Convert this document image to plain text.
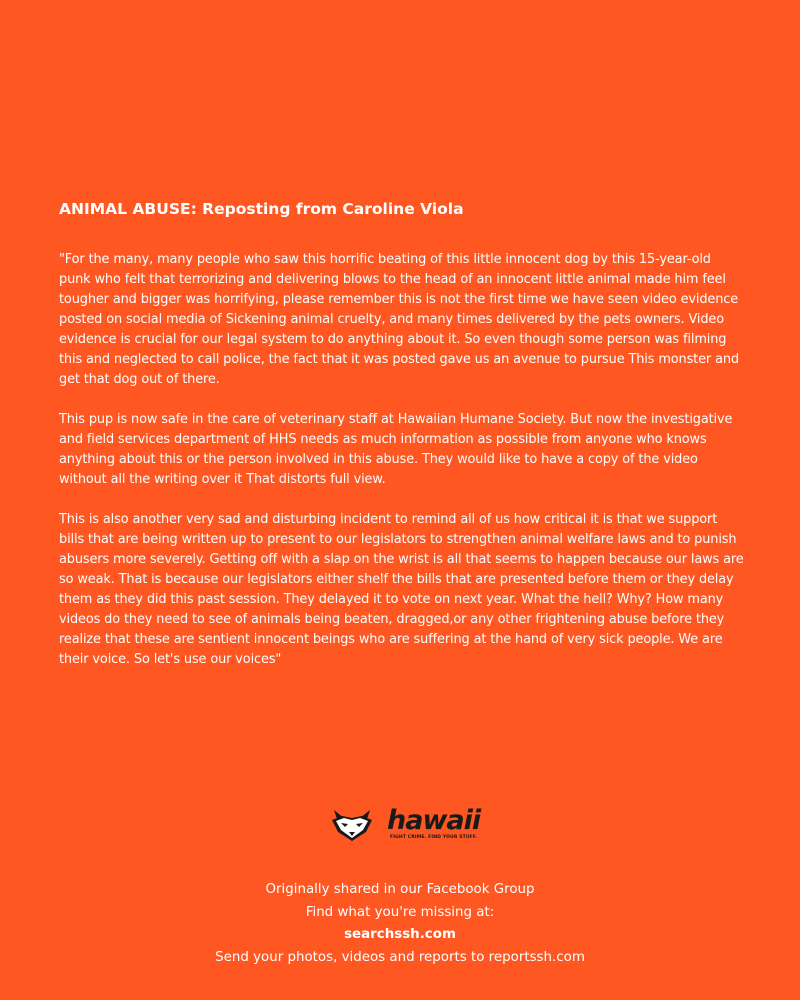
ANIMAL ABUSE: Reposting from Caroline Viola

"For the many, many people who saw this horrific beating of this little innocent dog by this 15-year-old punk who felt that terrorizing and delivering blows to the head of an innocent little animal made him feel tougher and bigger was horrifying, please remember this is not the first time we have seen video evidence posted on social media of Sickening animal cruelty, and many times delivered by the pets owners. Video evidence is crucial for our legal system to do anything about it. So even though some person was filming this and neglected to call police, the fact that it was posted gave us an avenue to pursue This monster and get that dog out of there.

This pup is now safe in the care of veterinary staff at Hawaiian Humane Society. But now the investigative and field services department of HHS needs as much information as possible from anyone who knows anything about this or the person involved in this abuse. They would like to have a copy of the video without all the writing over it That distorts full view.

This is also another very sad and disturbing incident to remind all of us how critical it is that we support bills that are being written up to present to our legislators to strengthen animal welfare laws and to punish abusers more severely. Getting off with a slap on the wrist is all that seems to happen because our laws are so weak. That is because our legislators either shelf the bills that are presented before them or they delay them as they did this past session. They delayed it to vote on next year. What the hell? Why? How many videos do they need to see of animals being beaten, dragged,or any other frightening abuse before they realize that these are sentient innocent beings who are suffering at the hand of very sick people. We are their voice. So let's use our voices"

hawaii
FIGHT CRIME. FIND YOUR STUFF.
Originally shared in our Facebook Group
Find what you're missing at:
searchssh.com
Send your photos, videos and reports to reportssh.com
